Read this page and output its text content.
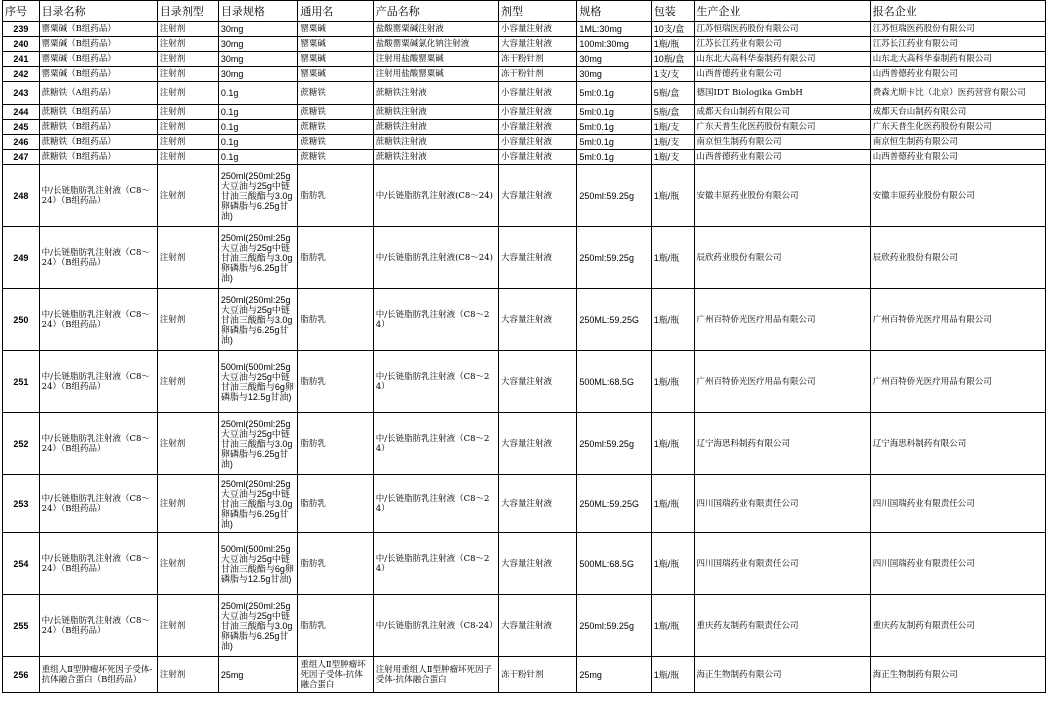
序号	目录名称	目录剂型	目录规格	通用名	产品名称	剂型	规格	包装	生产企业	报名企业
239	罂粟碱（B组药品）	注射剂	30mg	罂粟碱	盐酸罂粟碱注射液	小容量注射液	1ML:30mg	10支/盒	江苏恒瑞医药股份有限公司	江苏恒瑞医药股份有限公司
240	罂粟碱（B组药品）	注射剂	30mg	罂粟碱	盐酸罂粟碱氯化钠注射液	大容量注射液	100ml:30mg	1瓶/瓶	江苏长江药业有限公司	江苏长江药业有限公司
241	罂粟碱（B组药品）	注射剂	30mg	罂粟碱	注射用盐酸罂粟碱	冻干粉针剂	30mg	10瓶/盒	山东北大高科华泰制药有限公司	山东北大高科华泰制药有限公司
242	罂粟碱（B组药品）	注射剂	30mg	罂粟碱	注射用盐酸罂粟碱	冻干粉针剂	30mg	1支/支	山西普德药业有限公司	山西普德药业有限公司
243	蔗糖铁（A组药品）	注射剂	0.1g	蔗糖铁	蔗糖铁注射液	小容量注射液	5ml:0.1g	5瓶/盒	德国IDT Biologika GmbH	费森尤斯卡比（北京）医药营营有限公司
244	蔗糖铁（B组药品）	注射剂	0.1g	蔗糖铁	蔗糖铁注射液	小容量注射液	5ml:0.1g	5瓶/盒	成都天台山制药有限公司	成都天台山制药有限公司
245	蔗糖铁（B组药品）	注射剂	0.1g	蔗糖铁	蔗糖铁注射液	小容量注射液	5ml:0.1g	1瓶/支	广东天普生化医药股份有限公司	广东天普生化医药股份有限公司
246	蔗糖铁（B组药品）	注射剂	0.1g	蔗糖铁	蔗糖铁注射液	小容量注射液	5ml:0.1g	1瓶/支	南京恒生制药有限公司	南京恒生制药有限公司
247	蔗糖铁（B组药品）	注射剂	0.1g	蔗糖铁	蔗糖铁注射液	小容量注射液	5ml:0.1g	1瓶/支	山西普德药业有限公司	山西普德药业有限公司
248	中/长链脂肪乳注射液（C8～24）（B组药品）	注射剂	250ml(250ml:25g大豆油与25g中链甘油三酸酯与3.0g卵磷脂与6.25g甘油)	脂肪乳	中/长链脂肪乳注射液(C8～24)	大容量注射液	250ml:59.25g	1瓶/瓶	安徽丰原药业股份有限公司	安徽丰原药业股份有限公司
249	中/长链脂肪乳注射液（C8～24）（B组药品）	注射剂	250ml(250ml:25g大豆油与25g中链甘油三酸酯与3.0g卵磷脂与6.25g甘油)	脂肪乳	中/长链脂肪乳注射液(C8～24)	大容量注射液	250ml:59.25g	1瓶/瓶	辰欣药业股份有限公司	辰欣药业股份有限公司
250	中/长链脂肪乳注射液（C8～24）（B组药品）	注射剂	250ml(250ml:25g大豆油与25g中链甘油三酸酯与3.0g卵磷脂与6.25g甘油)	脂肪乳	中/长链脂肪乳注射液（C8～24）	大容量注射液	250ML:59.25G	1瓶/瓶	广州百特侨光医疗用品有限公司	广州百特侨光医疗用品有限公司
251	中/长链脂肪乳注射液（C8～24）（B组药品）	注射剂	500ml(500ml:25g大豆油与25g中链甘油三酸酯与6g卵磷脂与12.5g甘油)	脂肪乳	中/长链脂肪乳注射液（C8～24）	大容量注射液	500ML:68.5G	1瓶/瓶	广州百特侨光医疗用品有限公司	广州百特侨光医疗用品有限公司
252	中/长链脂肪乳注射液（C8～24）（B组药品）	注射剂	250ml(250ml:25g大豆油与25g中链甘油三酸酯与3.0g卵磷脂与6.25g甘油)	脂肪乳	中/长链脂肪乳注射液（C8～24）	大容量注射液	250ml:59.25g	1瓶/瓶	辽宁海思科制药有限公司	辽宁海思科制药有限公司
253	中/长链脂肪乳注射液（C8～24）（B组药品）	注射剂	250ml(250ml:25g大豆油与25g中链甘油三酸酯与3.0g卵磷脂与6.25g甘油)	脂肪乳	中/长链脂肪乳注射液（C8～24）	大容量注射液	250ML:59.25G	1瓶/瓶	四川国瑞药业有限责任公司	四川国瑞药业有限责任公司
254	中/长链脂肪乳注射液（C8～24）（B组药品）	注射剂	500ml(500ml:25g大豆油与25g中链甘油三酸酯与6g卵磷脂与12.5g甘油)	脂肪乳	中/长链脂肪乳注射液（C8～24）	大容量注射液	500ML:68.5G	1瓶/瓶	四川国瑞药业有限责任公司	四川国瑞药业有限责任公司
255	中/长链脂肪乳注射液（C8～24）（B组药品）	注射剂	250ml(250ml:25g大豆油与25g中链甘油三酸酯与3.0g卵磷脂与6.25g甘油)	脂肪乳	中/长链脂肪乳注射液（C8-24）	大容量注射液	250ml:59.25g	1瓶/瓶	重庆药友制药有限责任公司	重庆药友制药有限责任公司
256	重组人Ⅱ型肿瘤坏死因子受体-抗体融合蛋白（B组药品）	注射剂	25mg	重组人Ⅱ型肿瘤坏死因子受体-抗体融合蛋白	注射用重组人Ⅱ型肿瘤坏死因子受体-抗体融合蛋白	冻干粉针剂	25mg	1瓶/瓶	海正生物制药有限公司	海正生物制药有限公司
